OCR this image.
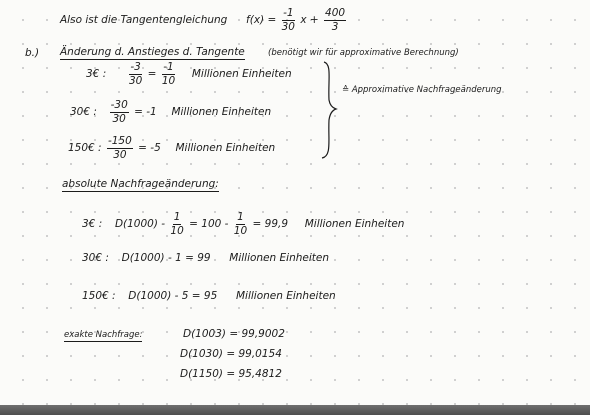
Also ist die Tangentengleichung $f(x) = \frac{-1}{30}$ $x + \frac{400}{3}$
b.) Änderung d. Anstieges d. Tangente	(benötigt wir für approximative Berechnung)
3€ : $\frac{-3}{30} = \frac{-1}{10}$ Millionen Einheiten
30€ : $\frac{-30}{30} = -1$ Millionen Einheiten
150€ : $\frac{-150}{30} = -5$ Millionen Einheiten
≙ Approximative Nachfrageänderung
absolute Nachfrageänderung:
3€ : $D(1000) - \frac{1}{10} = 100 - \frac{1}{10} = 99,9$ Millionen Einheiten
30€ : D(1000) - 1 = 99 Millionen Einheiten
150€ : D(1000) - 5 = 95 Millionen Einheiten
exakte Nachfrage:	D(1003) = 99,9002
D(1030) = 99,0154
D(1150) = 95,4812
